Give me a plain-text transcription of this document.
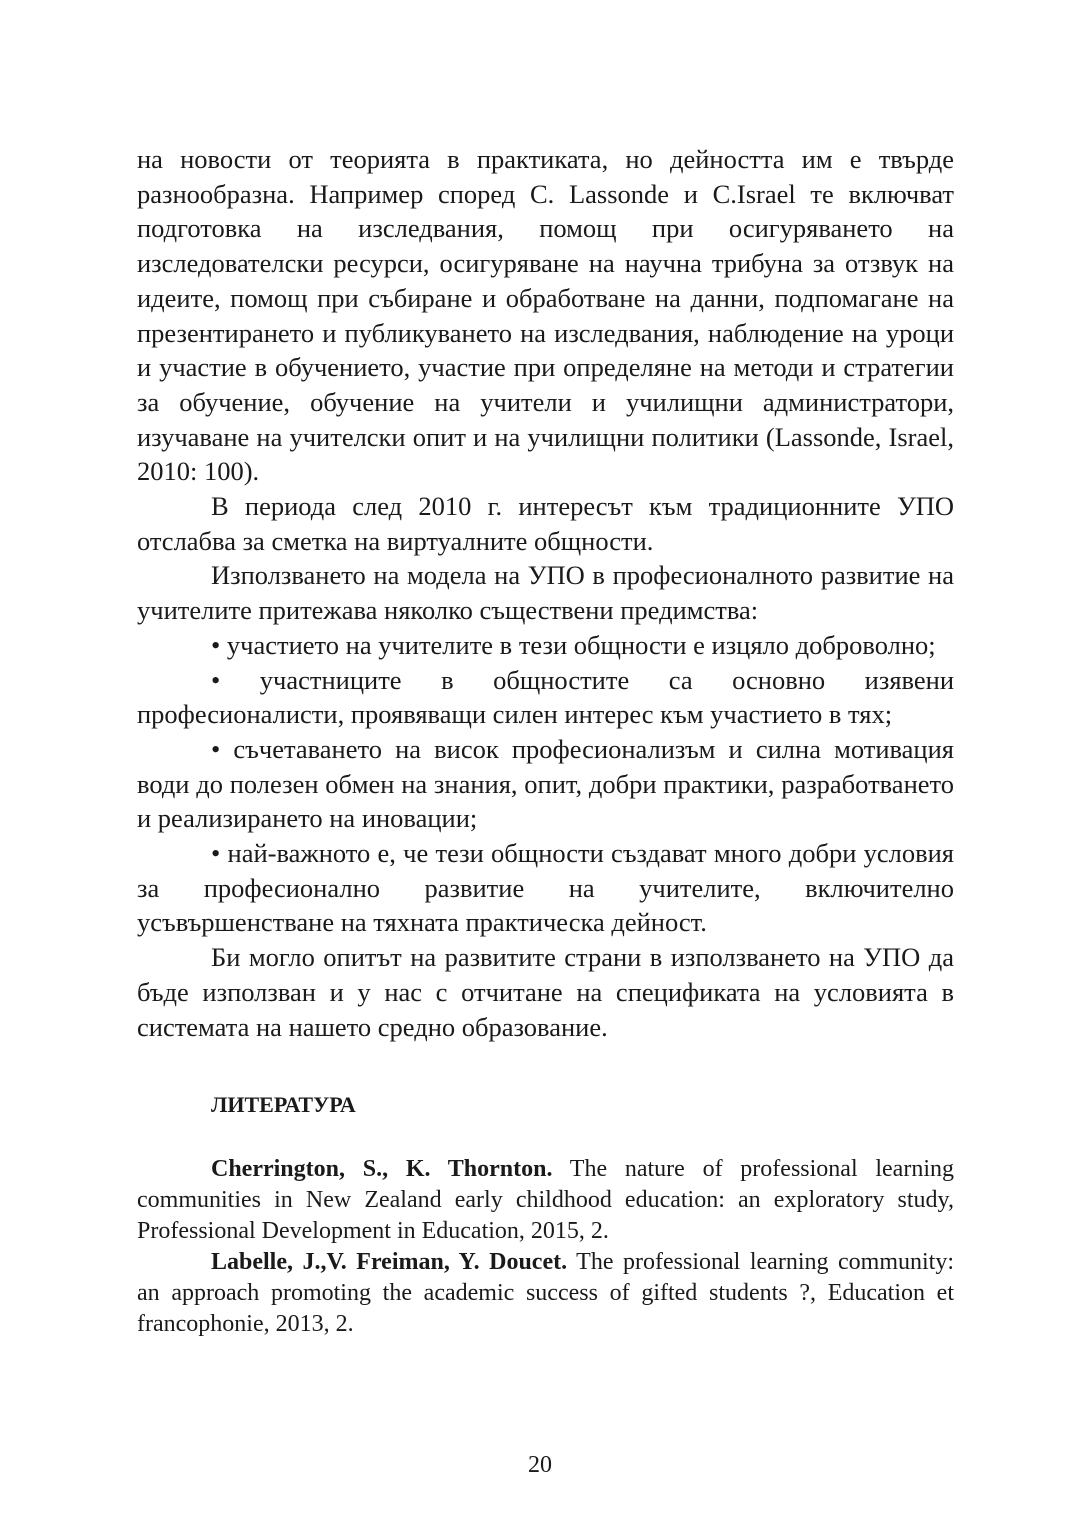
на новости от теорията в практиката, но дейността им е твърде разнообразна. Например според C. Lassonde и C.Israel те включват подготовка на изследвания, помощ при осигуряването на изследователски ресурси, осигуряване на научна трибуна за отзвук на идеите, помощ при събиране и обработване на данни, подпомагане на презентирането и публикуването на изследвания, наблюдение на уроци и участие в обучението, участие при определяне на методи и стратегии за обучение, обучение на учители и училищни администратори, изучаване на учителски опит и на училищни политики (Lassonde, Israel, 2010: 100).

В периода след 2010 г. интересът към традиционните УПО отслабва за сметка на виртуалните общности.

Използването на модела на УПО в професионалното развитие на учителите притежава няколко съществени предимства:

• участието на учителите в тези общности е изцяло доброволно;

• участниците в общностите са основно изявени професионалисти, проявяващи силен интерес към участието в тях;

• съчетаването на висок професионализъм и силна мотивация води до полезен обмен на знания, опит, добри практики, разработването и реализирането на иновации;

• най-важното е, че тези общности създават много добри условия за професионално развитие на учителите, включително усъвършенстване на тяхната практическа дейност.

Би могло опитът на развитите страни в използването на УПО да бъде използван и у нас с отчитане на спецификата на условията в системата на нашето средно образование.

ЛИТЕРАТУРА

Cherrington, S., K. Thornton. The nature of professional learning communities in New Zealand early childhood education: an exploratory study, Professional Development in Education, 2015, 2.

Labelle, J.,V. Freiman, Y. Doucet. The professional learning community: an approach promoting the academic success of gifted students ?, Education et francophonie, 2013, 2.

20
